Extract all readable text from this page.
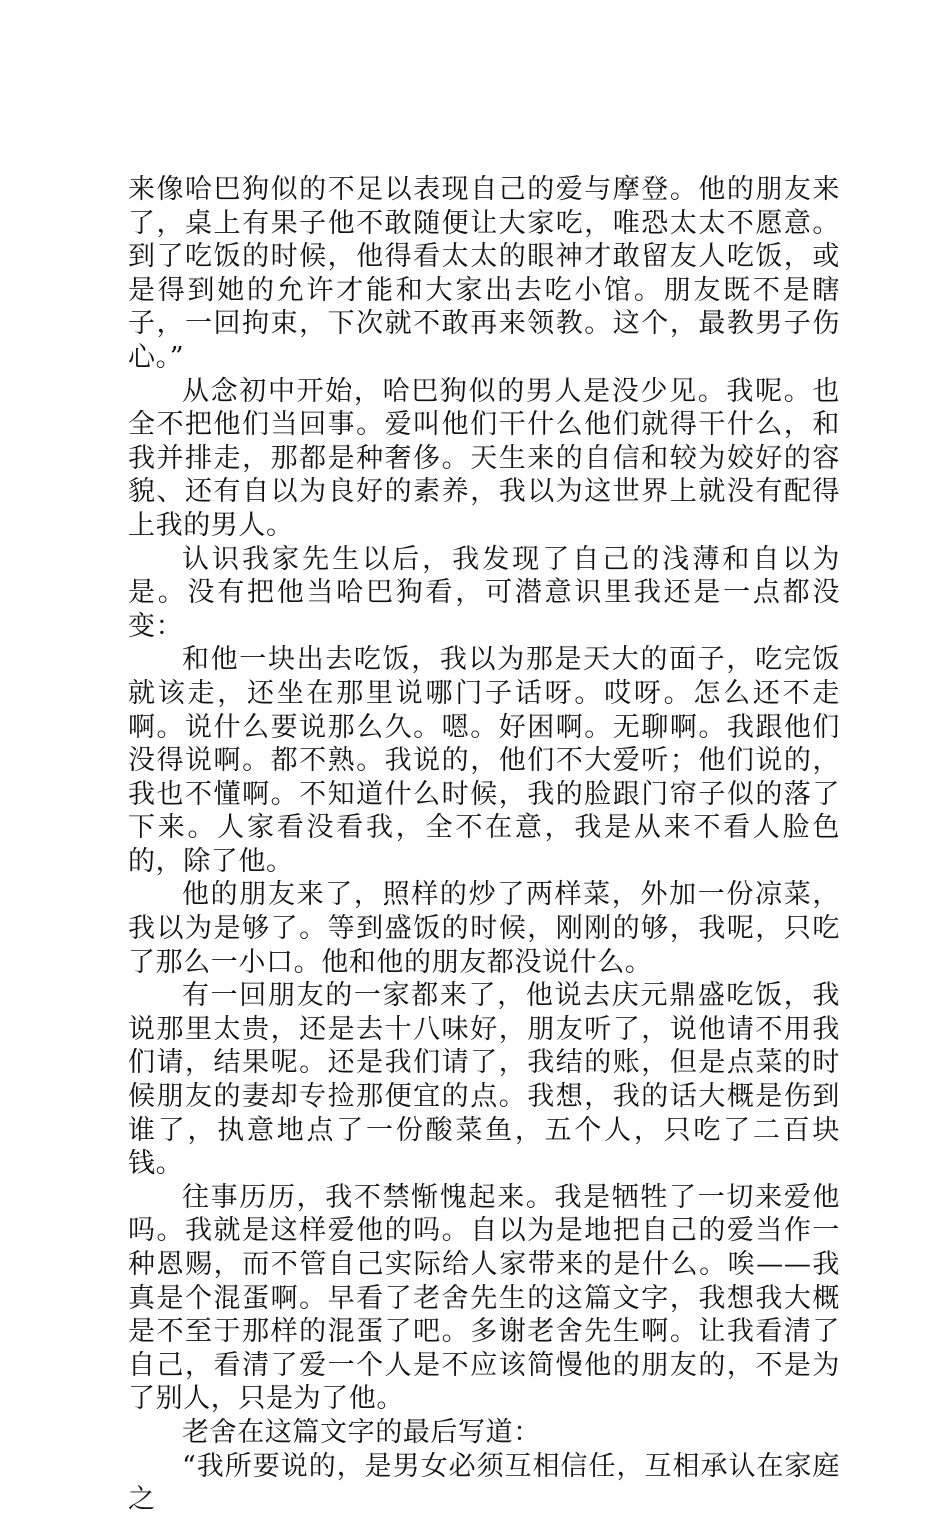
来像哈巴狗似的不足以表现自己的爱与摩登。他的朋友来了，桌上有果子他不敢随便让大家吃，唯恐太太不愿意。到了吃饭的时候，他得看太太的眼神才敢留友人吃饭，或是得到她的允许才能和大家出去吃小馆。朋友既不是瞎子，一回拘束，下次就不敢再来领教。这个，最教男子伤心。”

从念初中开始，哈巴狗似的男人是没少见。我呢。也全不把他们当回事。爱叫他们干什么他们就得干什么，和我并排走，那都是种奢侈。天生来的自信和较为姣好的容貌、还有自以为良好的素养，我以为这世界上就没有配得上我的男人。

认识我家先生以后，我发现了自己的浅薄和自以为是。没有把他当哈巴狗看，可潜意识里我还是一点都没变：

和他一块出去吃饭，我以为那是天大的面子，吃完饭就该走，还坐在那里说哪门子话呀。哎呀。怎么还不走啊。说什么要说那么久。嗯。好困啊。无聊啊。我跟他们没得说啊。都不熟。我说的，他们不大爱听；他们说的，我也不懂啊。不知道什么时候，我的脸跟门帘子似的落了下来。人家看没看我，全不在意，我是从来不看人脸色的，除了他。

他的朋友来了，照样的炒了两样菜，外加一份凉菜，我以为是够了。等到盛饭的时候，刚刚的够，我呢，只吃了那么一小口。他和他的朋友都没说什么。

有一回朋友的一家都来了，他说去庆元鼎盛吃饭，我说那里太贵，还是去十八味好，朋友听了，说他请不用我们请，结果呢。还是我们请了，我结的账，但是点菜的时候朋友的妻却专捡那便宜的点。我想，我的话大概是伤到谁了，执意地点了一份酸菜鱼，五个人，只吃了二百块钱。

往事历历，我不禁惭愧起来。我是牺牲了一切来爱他吗。我就是这样爱他的吗。自以为是地把自己的爱当作一种恩赐，而不管自己实际给人家带来的是什么。唉——我真是个混蛋啊。早看了老舍先生的这篇文字，我想我大概是不至于那样的混蛋了吧。多谢老舍先生啊。让我看清了自己，看清了爱一个人是不应该简慢他的朋友的，不是为了别人，只是为了他。

老舍在这篇文字的最后写道：

“我所要说的，是男女必须互相信任，互相承认在家庭之
